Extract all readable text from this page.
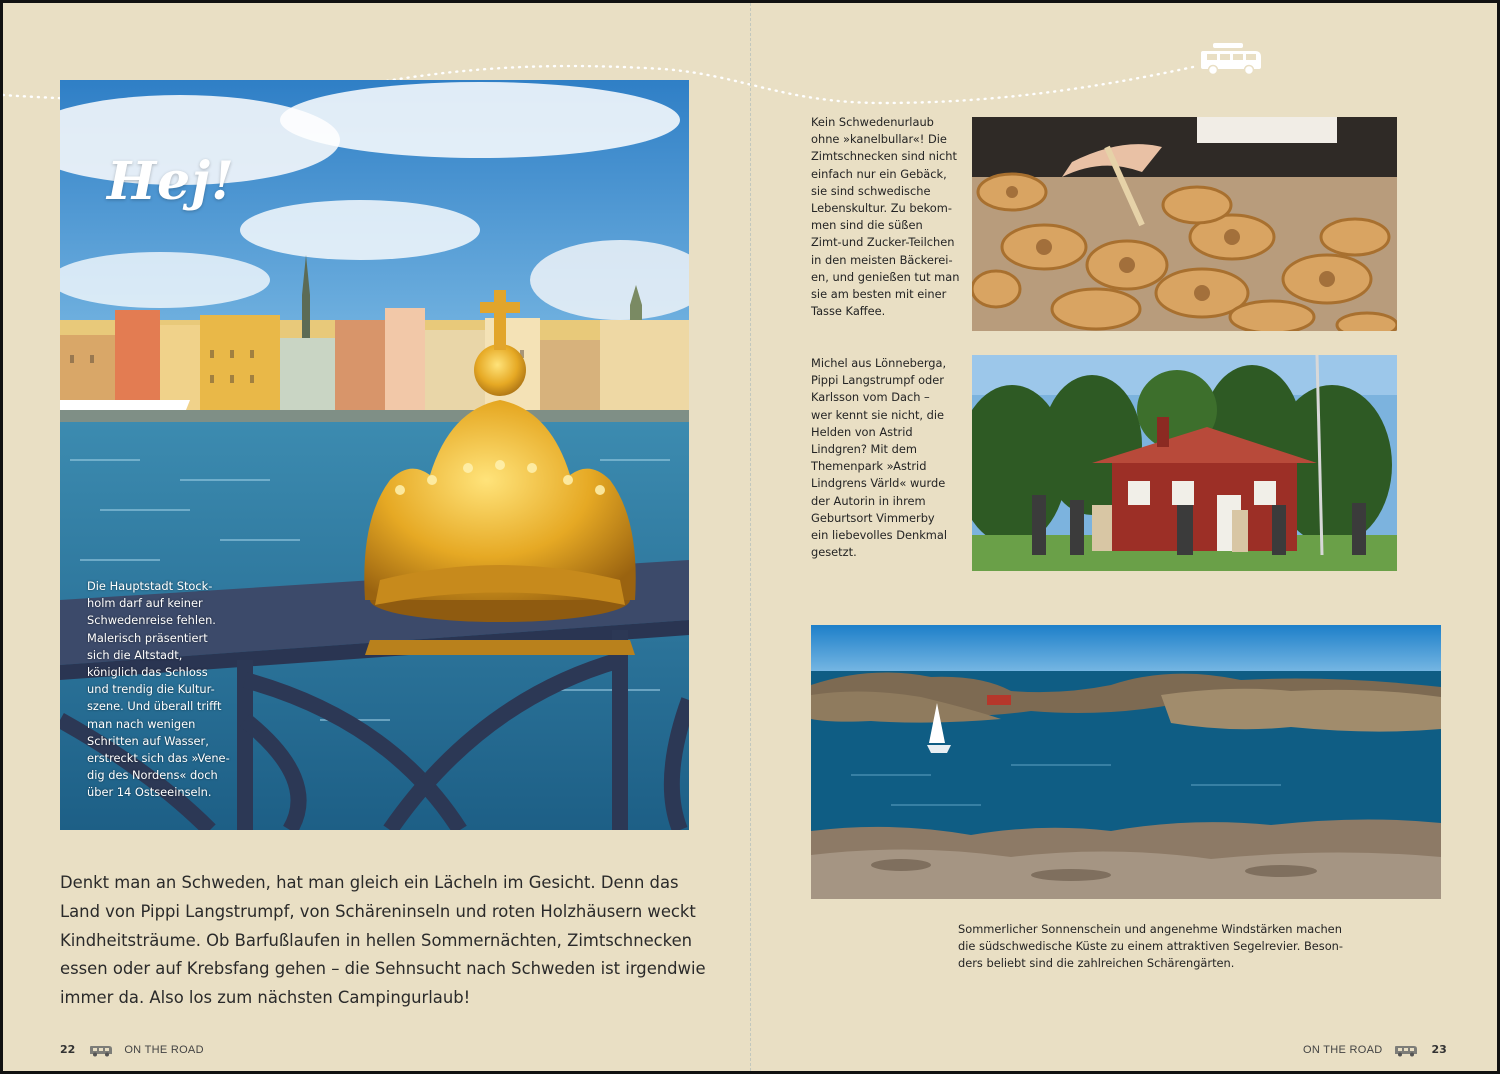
Hej!
Die Hauptstadt Stock-
holm darf auf keiner
Schwedenreise fehlen.
Malerisch präsentiert
sich die Altstadt,
königlich das Schloss
und trendig die Kultur-
szene. Und überall trifft
man nach wenigen
Schritten auf Wasser,
erstreckt sich das »Vene-
dig des Nordens« doch
über 14 Ostseeinseln.
Denkt man an Schweden, hat man gleich ein Lächeln im Gesicht. Denn das
Land von Pippi Langstrumpf, von Schäreninseln und roten Holzhäusern weckt
Kindheitsträume. Ob Barfußlaufen in hellen Sommernächten, Zimtschnecken
essen oder auf Krebsfang gehen – die Sehnsucht nach Schweden ist irgendwie
immer da. Also los zum nächsten Campingurlaub!
22	ON THE ROAD
Kein Schwedenurlaub
ohne »kanelbullar«! Die
Zimtschnecken sind nicht
einfach nur ein Gebäck,
sie sind schwedische
Lebenskultur. Zu bekom-
men sind die süßen
Zimt-und Zucker-Teilchen
in den meisten Bäckerei-
en, und genießen tut man
sie am besten mit einer
Tasse Kaffee.
Michel aus Lönneberga,
Pippi Langstrumpf oder
Karlsson vom Dach –
wer kennt sie nicht, die
Helden von Astrid
Lindgren? Mit dem
Themenpark »Astrid
Lindgrens Värld« wurde
der Autorin in ihrem
Geburtsort Vimmerby
ein liebevolles Denkmal
gesetzt.
Sommerlicher Sonnenschein und angenehme Windstärken machen
die südschwedische Küste zu einem attraktiven Segelrevier. Beson-
ders beliebt sind die zahlreichen Schärengärten.
ON THE ROAD	23
